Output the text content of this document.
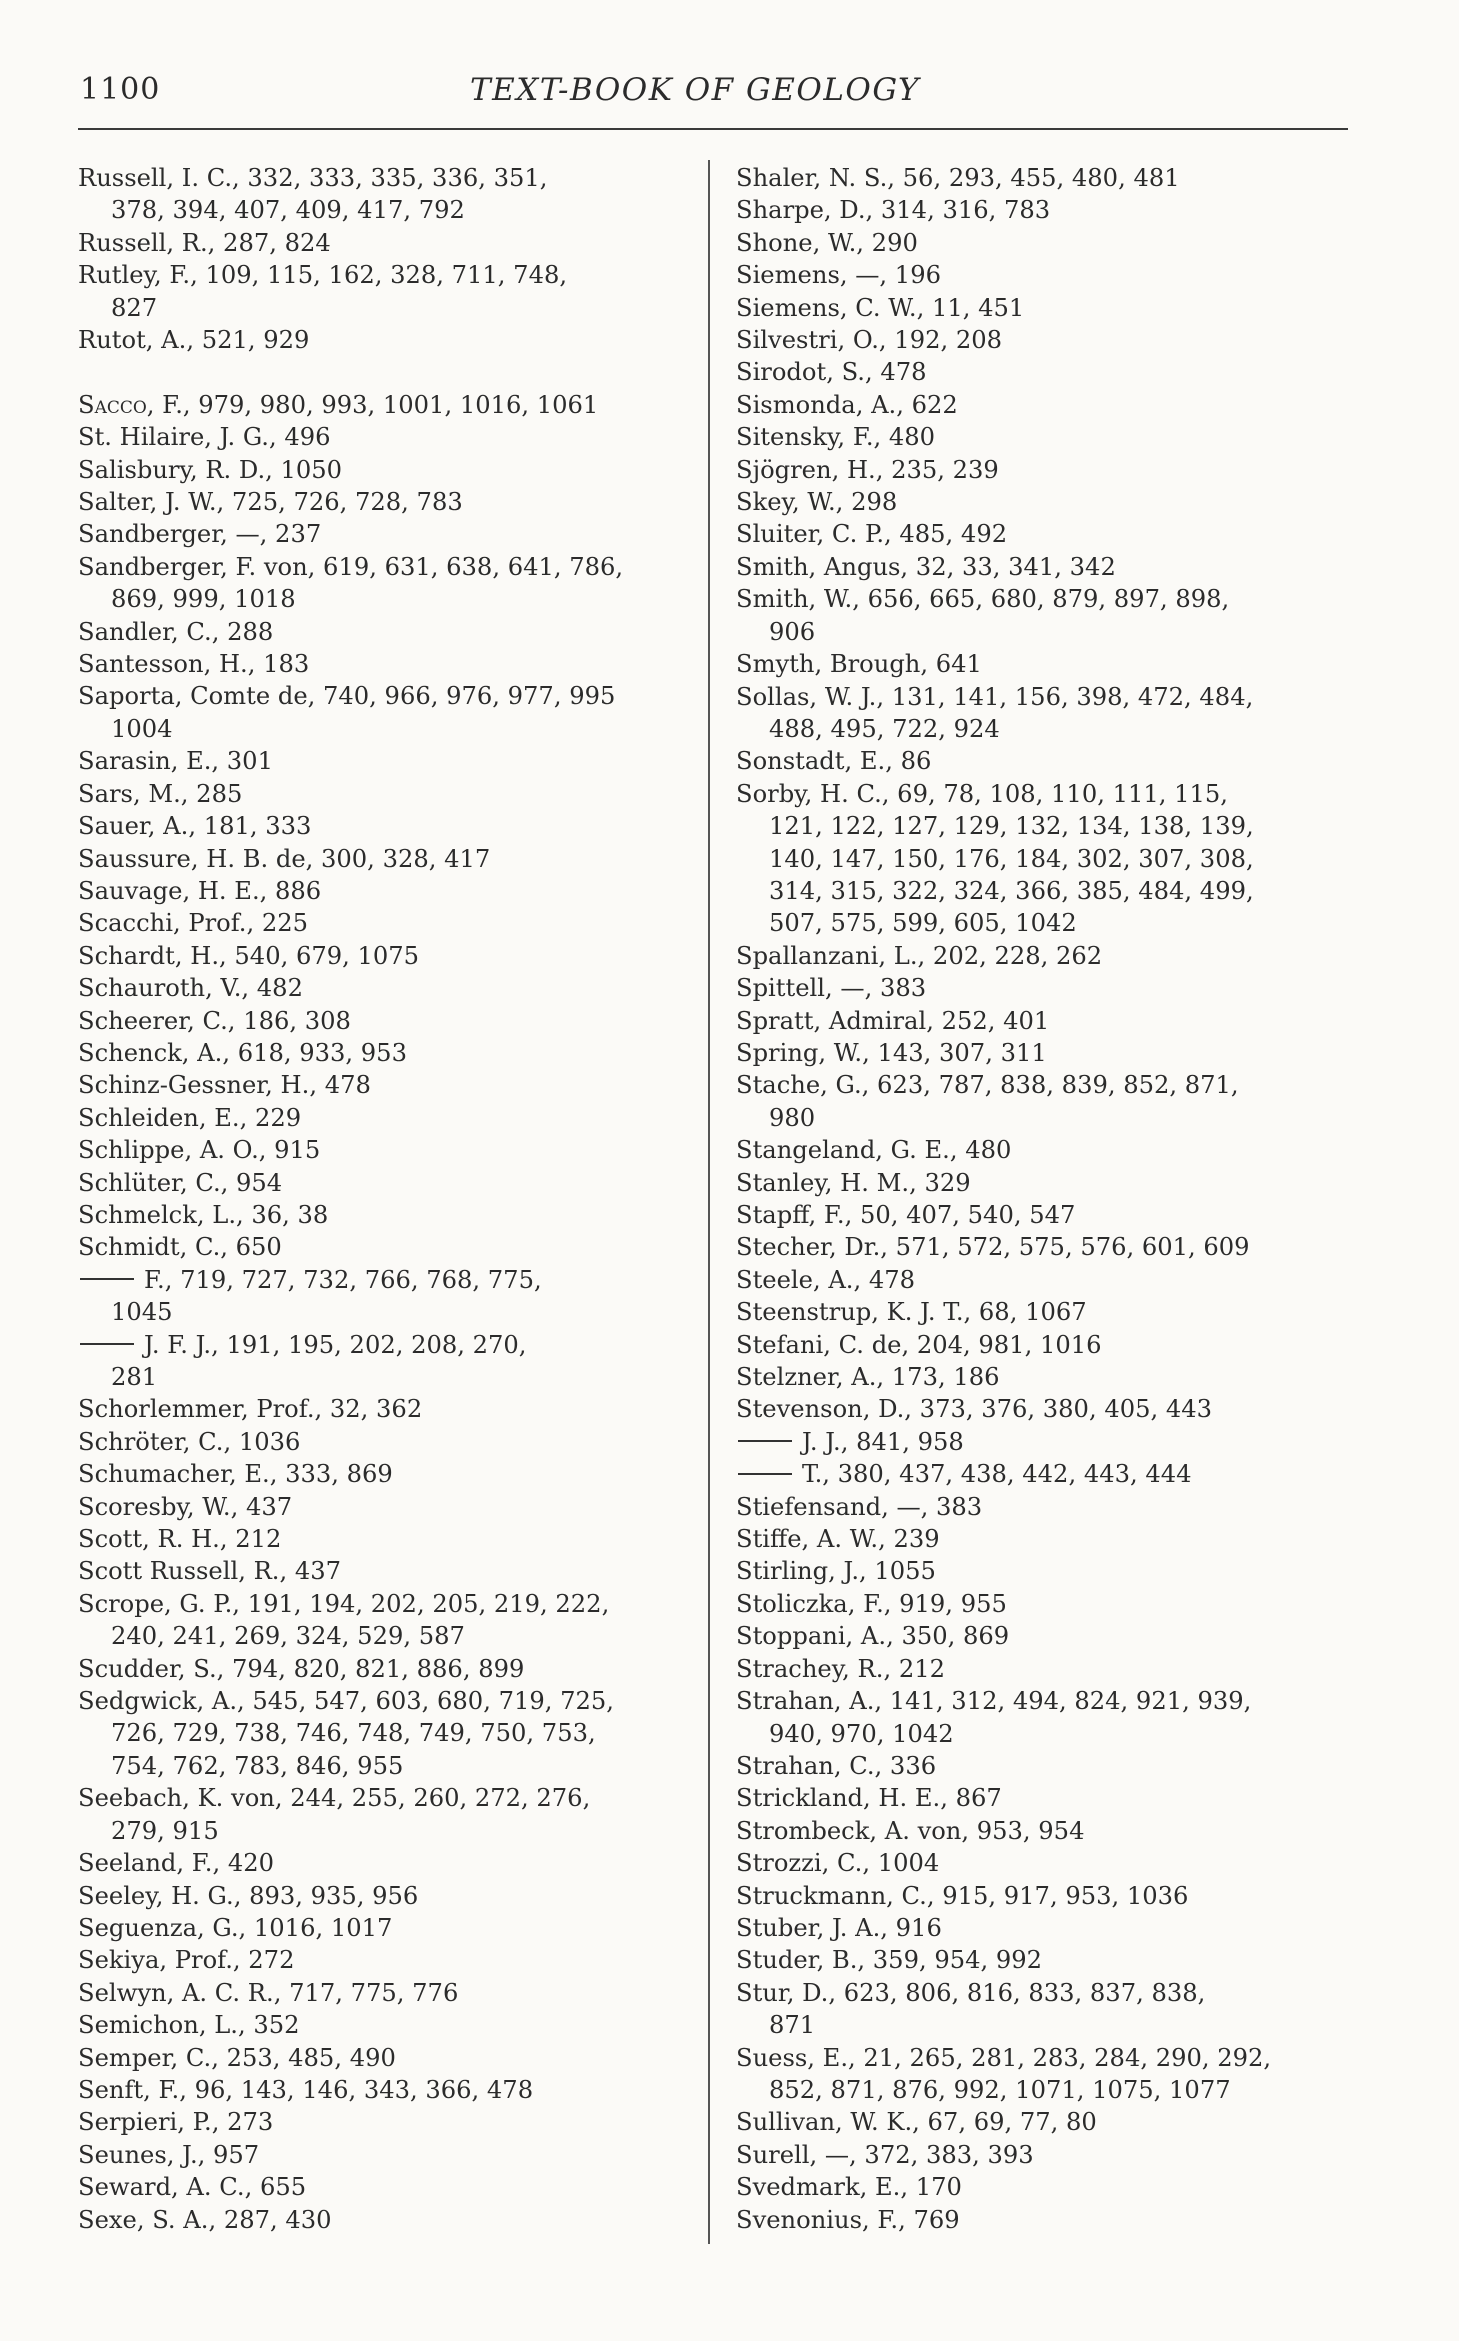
1100	TEXT-BOOK OF GEOLOGY
Russell, I. C., 332, 333, 335, 336, 351,
378, 394, 407, 409, 417, 792
Russell, R., 287, 824
Rutley, F., 109, 115, 162, 328, 711, 748,
827
Rutot, A., 521, 929
Sacco, F., 979, 980, 993, 1001, 1016, 1061
St. Hilaire, J. G., 496
Salisbury, R. D., 1050
Salter, J. W., 725, 726, 728, 783
Sandberger, —, 237
Sandberger, F. von, 619, 631, 638, 641, 786,
869, 999, 1018
Sandler, C., 288
Santesson, H., 183
Saporta, Comte de, 740, 966, 976, 977, 995
1004
Sarasin, E., 301
Sars, M., 285
Sauer, A., 181, 333
Saussure, H. B. de, 300, 328, 417
Sauvage, H. E., 886
Scacchi, Prof., 225
Schardt, H., 540, 679, 1075
Schauroth, V., 482
Scheerer, C., 186, 308
Schenck, A., 618, 933, 953
Schinz-Gessner, H., 478
Schleiden, E., 229
Schlippe, A. O., 915
Schlüter, C., 954
Schmelck, L., 36, 38
Schmidt, C., 650
F., 719, 727, 732, 766, 768, 775,
1045
J. F. J., 191, 195, 202, 208, 270,
281
Schorlemmer, Prof., 32, 362
Schröter, C., 1036
Schumacher, E., 333, 869
Scoresby, W., 437
Scott, R. H., 212
Scott Russell, R., 437
Scrope, G. P., 191, 194, 202, 205, 219, 222,
240, 241, 269, 324, 529, 587
Scudder, S., 794, 820, 821, 886, 899
Sedgwick, A., 545, 547, 603, 680, 719, 725,
726, 729, 738, 746, 748, 749, 750, 753,
754, 762, 783, 846, 955
Seebach, K. von, 244, 255, 260, 272, 276,
279, 915
Seeland, F., 420
Seeley, H. G., 893, 935, 956
Seguenza, G., 1016, 1017
Sekiya, Prof., 272
Selwyn, A. C. R., 717, 775, 776
Semichon, L., 352
Semper, C., 253, 485, 490
Senft, F., 96, 143, 146, 343, 366, 478
Serpieri, P., 273
Seunes, J., 957
Seward, A. C., 655
Sexe, S. A., 287, 430
Shaler, N. S., 56, 293, 455, 480, 481
Sharpe, D., 314, 316, 783
Shone, W., 290
Siemens, —, 196
Siemens, C. W., 11, 451
Silvestri, O., 192, 208
Sirodot, S., 478
Sismonda, A., 622
Sitensky, F., 480
Sjögren, H., 235, 239
Skey, W., 298
Sluiter, C. P., 485, 492
Smith, Angus, 32, 33, 341, 342
Smith, W., 656, 665, 680, 879, 897, 898,
906
Smyth, Brough, 641
Sollas, W. J., 131, 141, 156, 398, 472, 484,
488, 495, 722, 924
Sonstadt, E., 86
Sorby, H. C., 69, 78, 108, 110, 111, 115,
121, 122, 127, 129, 132, 134, 138, 139,
140, 147, 150, 176, 184, 302, 307, 308,
314, 315, 322, 324, 366, 385, 484, 499,
507, 575, 599, 605, 1042
Spallanzani, L., 202, 228, 262
Spittell, —, 383
Spratt, Admiral, 252, 401
Spring, W., 143, 307, 311
Stache, G., 623, 787, 838, 839, 852, 871,
980
Stangeland, G. E., 480
Stanley, H. M., 329
Stapff, F., 50, 407, 540, 547
Stecher, Dr., 571, 572, 575, 576, 601, 609
Steele, A., 478
Steenstrup, K. J. T., 68, 1067
Stefani, C. de, 204, 981, 1016
Stelzner, A., 173, 186
Stevenson, D., 373, 376, 380, 405, 443
J. J., 841, 958
T., 380, 437, 438, 442, 443, 444
Stiefensand, —, 383
Stiffe, A. W., 239
Stirling, J., 1055
Stoliczka, F., 919, 955
Stoppani, A., 350, 869
Strachey, R., 212
Strahan, A., 141, 312, 494, 824, 921, 939,
940, 970, 1042
Strahan, C., 336
Strickland, H. E., 867
Strombeck, A. von, 953, 954
Strozzi, C., 1004
Struckmann, C., 915, 917, 953, 1036
Stuber, J. A., 916
Studer, B., 359, 954, 992
Stur, D., 623, 806, 816, 833, 837, 838,
871
Suess, E., 21, 265, 281, 283, 284, 290, 292,
852, 871, 876, 992, 1071, 1075, 1077
Sullivan, W. K., 67, 69, 77, 80
Surell, —, 372, 383, 393
Svedmark, E., 170
Svenonius, F., 769
